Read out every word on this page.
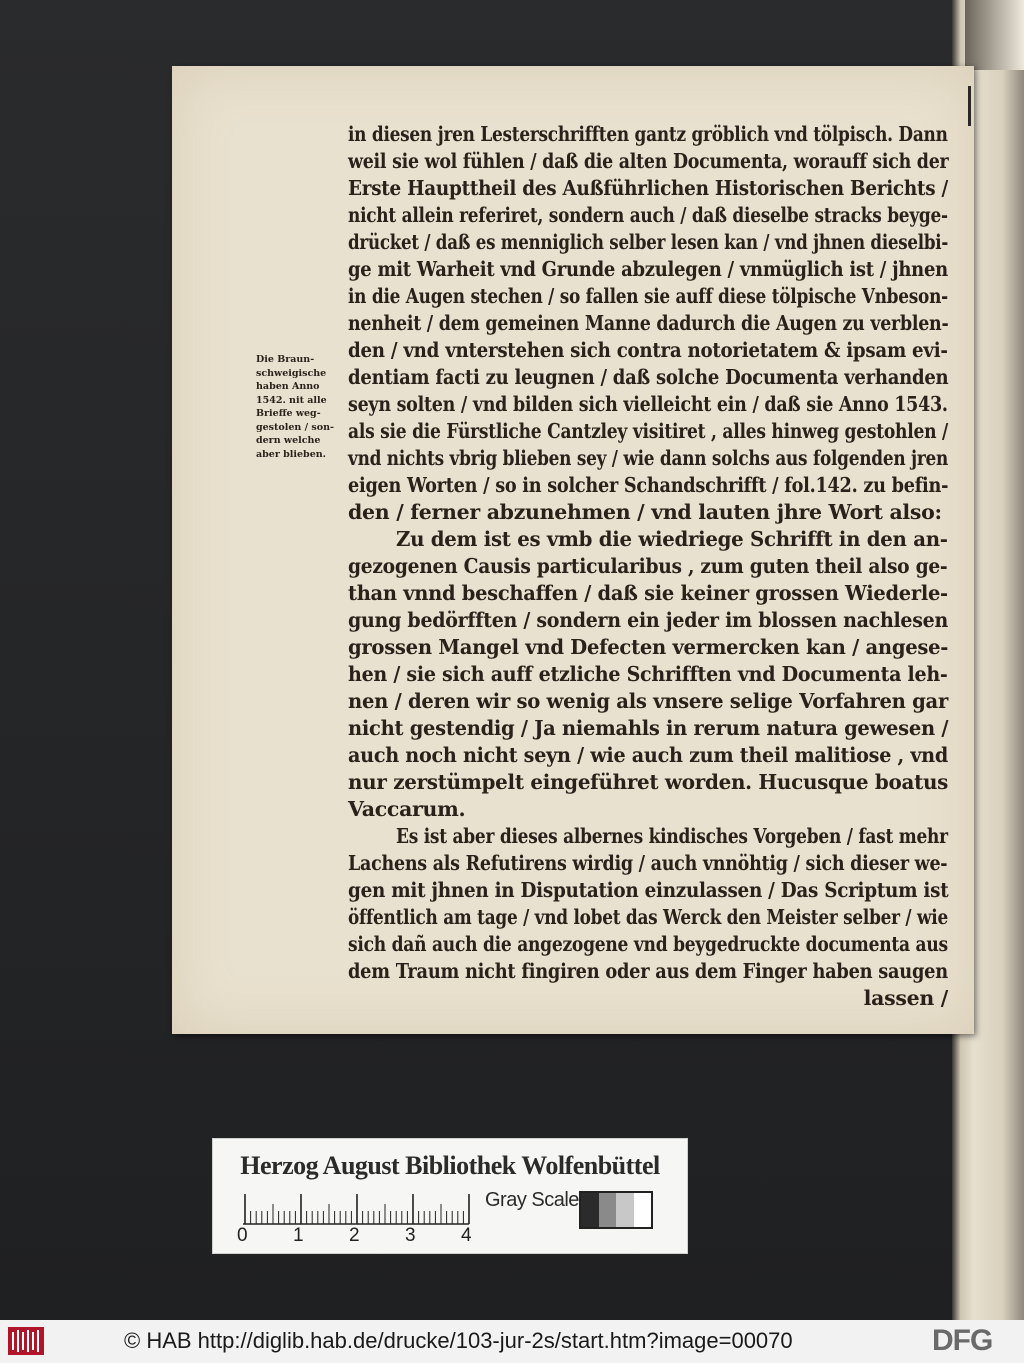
in diesen jren Lesterschrifften gantz gröblich vnd tölpisch. Dann
weil sie wol fühlen / daß die alten Documenta, worauff sich der
Erste Haupttheil des Außführlichen Historischen Berichts /
nicht allein referiret, sondern auch / daß dieselbe stracks beyge-
drücket / daß es menniglich selber lesen kan / vnd jhnen dieselbi-
ge mit Warheit vnd Grunde abzulegen / vnmüglich ist / jhnen
in die Augen stechen / so fallen sie auff diese tölpische Vnbeson-
nenheit / dem gemeinen Manne dadurch die Augen zu verblen-
den / vnd vnterstehen sich contra notorietatem & ipsam evi-
dentiam facti zu leugnen / daß solche Documenta verhanden
seyn solten / vnd bilden sich vielleicht ein / daß sie Anno 1543.
als sie die Fürstliche Cantzley visitiret , alles hinweg gestohlen /
vnd nichts vbrig blieben sey / wie dann solchs aus folgenden jren
eigen Worten / so in solcher Schandschrifft / fol.142. zu befin-
den / ferner abzunehmen / vnd lauten jhre Wort also:
Zu dem ist es vmb die wiedriege Schrifft in den an-
gezogenen Causis particularibus , zum guten theil also ge-
than vnnd beschaffen / daß sie keiner grossen Wiederle-
gung bedörfften / sondern ein jeder im blossen nachlesen
grossen Mangel vnd Defecten vermercken kan / angese-
hen / sie sich auff etzliche Schrifften vnd Documenta leh-
nen / deren wir so wenig als vnsere selige Vorfahren gar
nicht gestendig / Ja niemahls in rerum natura gewesen /
auch noch nicht seyn / wie auch zum theil malitiose , vnd
nur zerstümpelt eingeführet worden. Hucusque boatus
Vaccarum.
Es ist aber dieses albernes kindisches Vorgeben / fast mehr
Lachens als Refutirens wirdig / auch vnnöhtig / sich dieser we-
gen mit jhnen in Disputation einzulassen / Das Scriptum ist
öffentlich am tage / vnd lobet das Werck den Meister selber / wie
sich dañ auch die angezogene vnd beygedruckte documenta aus
dem Traum nicht fingiren oder aus dem Finger haben saugen
lassen /
Die Braun-
schweigische
haben Anno
1542. nit alle
Brieffe weg-
gestolen / son-
dern welche
aber blieben.
Herzog August Bibliothek Wolfenbüttel
0 1 2 3 4
Gray Scale
© HAB http://diglib.hab.de/drucke/103-jur-2s/start.htm?image=00070	DFG
